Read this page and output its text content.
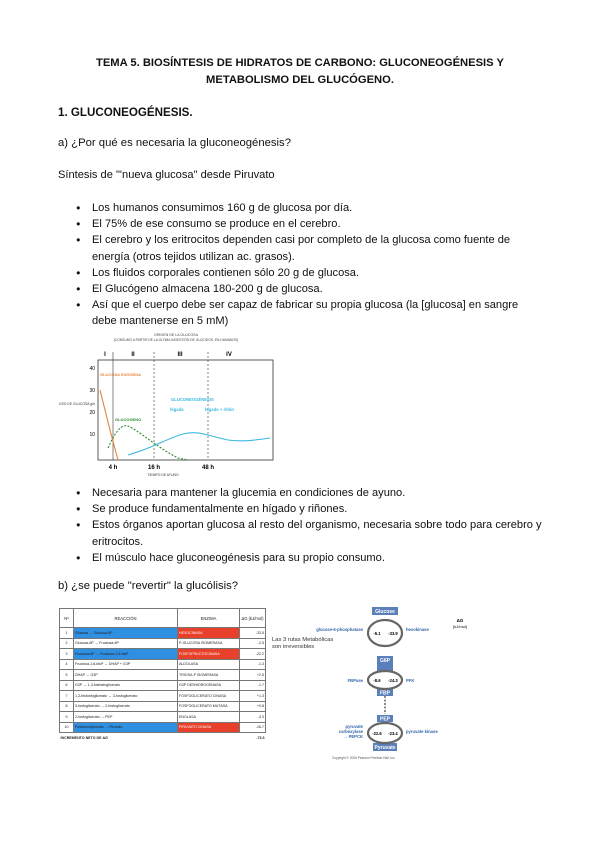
TEMA 5. BIOSÍNTESIS DE HIDRATOS DE CARBONO: GLUCONEOGÉNESIS Y
METABOLISMO DEL GLUCÓGENO.
1. GLUCONEOGÉNESIS.
a) ¿Por qué es necesaria la gluconeogénesis?
Síntesis de "'nueva glucosa" desde Piruvato
● Los humanos consumimos 160 g de glucosa por día.
● El 75% de ese consumo se produce en el cerebro.
● El cerebro y los eritrocitos dependen casi por completo de la glucosa como fuente de energía (otros tejidos utilizan ac. grasos).
● Los fluidos corporales contienen sólo 20 g de glucosa.
● El Glucógeno almacena 180-200 g de glucosa.
● Así que el cuerpo debe ser capaz de fabricar su propia glucosa (la [glucosa] en sangre debe mantenerse en 5 mM)
ORIGEN DE LA GLUCOSA
(CONSUMO A PARTIR DE LA ÚLTIMA INGESTIÓN DE GLÚCIDOS, EN HUMANOS)
I	II	III	IV
40
30
20
10
USO DE GLUCOSA g/h
GLUCOSA EXÓGENA
GLUCÓGENO
GLUCONEOGÉNESIS
hígado	hígado + riñón
4 h	16 h	48 h
TIEMPO DE AYUNO
● Necesaria para mantener la glucemia en condiciones de ayuno.
● Se produce fundamentalmente en hígado y riñones.
● Estos órganos aportan glucosa al resto del organismo, necesaria sobre todo para cerebro y eritrocitos.
● El músculo hace gluconeogénesis para su propio consumo.
b) ¿se puede "revertir" la glucólisis?
Nº	REACCIÓN	ENZIMA	ΔG (kJ/mol)
1	Glucosa → Glucosa-6P	HEXOCINASA	-33.5
2	Glucosa-6P ↔ Fructosa-6P	P-GLUCOSA ISOMERASA	-2.5
3	Fructosa-6P → Fructosa-1,6-bisP	FOSFOFRUCTOCINASA	-22.2
4	Fructosa-1,6-bisP ↔ DHAP + G3P	ALDOLASA	-1.3
5	DHAP ↔ G3P	TRIOSA-P ISOMERASA	+2.5
6	G3P ↔ 1,3-bisfosfoglicerato	G3P DESHIDROGENASA	-1.7
7	1,3-bisfosfoglicerato ↔ 3-fosfoglicerato	FOSFOGLICERATO CINASA	+1.3
8	3-fosfoglicerato ↔ 2-fosfoglicerato	FOSFOGLICERATO MUTASA	+0.8
9	2-fosfoglicerato ↔ PEP	ENOLASA	-3.3
10	Fosfoenolpiruvato → Piruvato	PIRUVATO CINASA	-16.7
INCREMENTO NETO DE ΔG			-73.3
Las 3 rutas Metabólicas son irreversibles
Glucose
G6P
FBP
PEP
Pyruvate
-5.1 -33.9
-8.6 -24.3
-22.6 -23.4
glucose-6-phosphatase	hexokinase
FBPase	PFK
pyruvate
carboxylase
→ PEPCK
pyruvate kinase
ΔG
(kJ/mol)
Copyright © 2006 Pearson Prentice Hall, Inc.
